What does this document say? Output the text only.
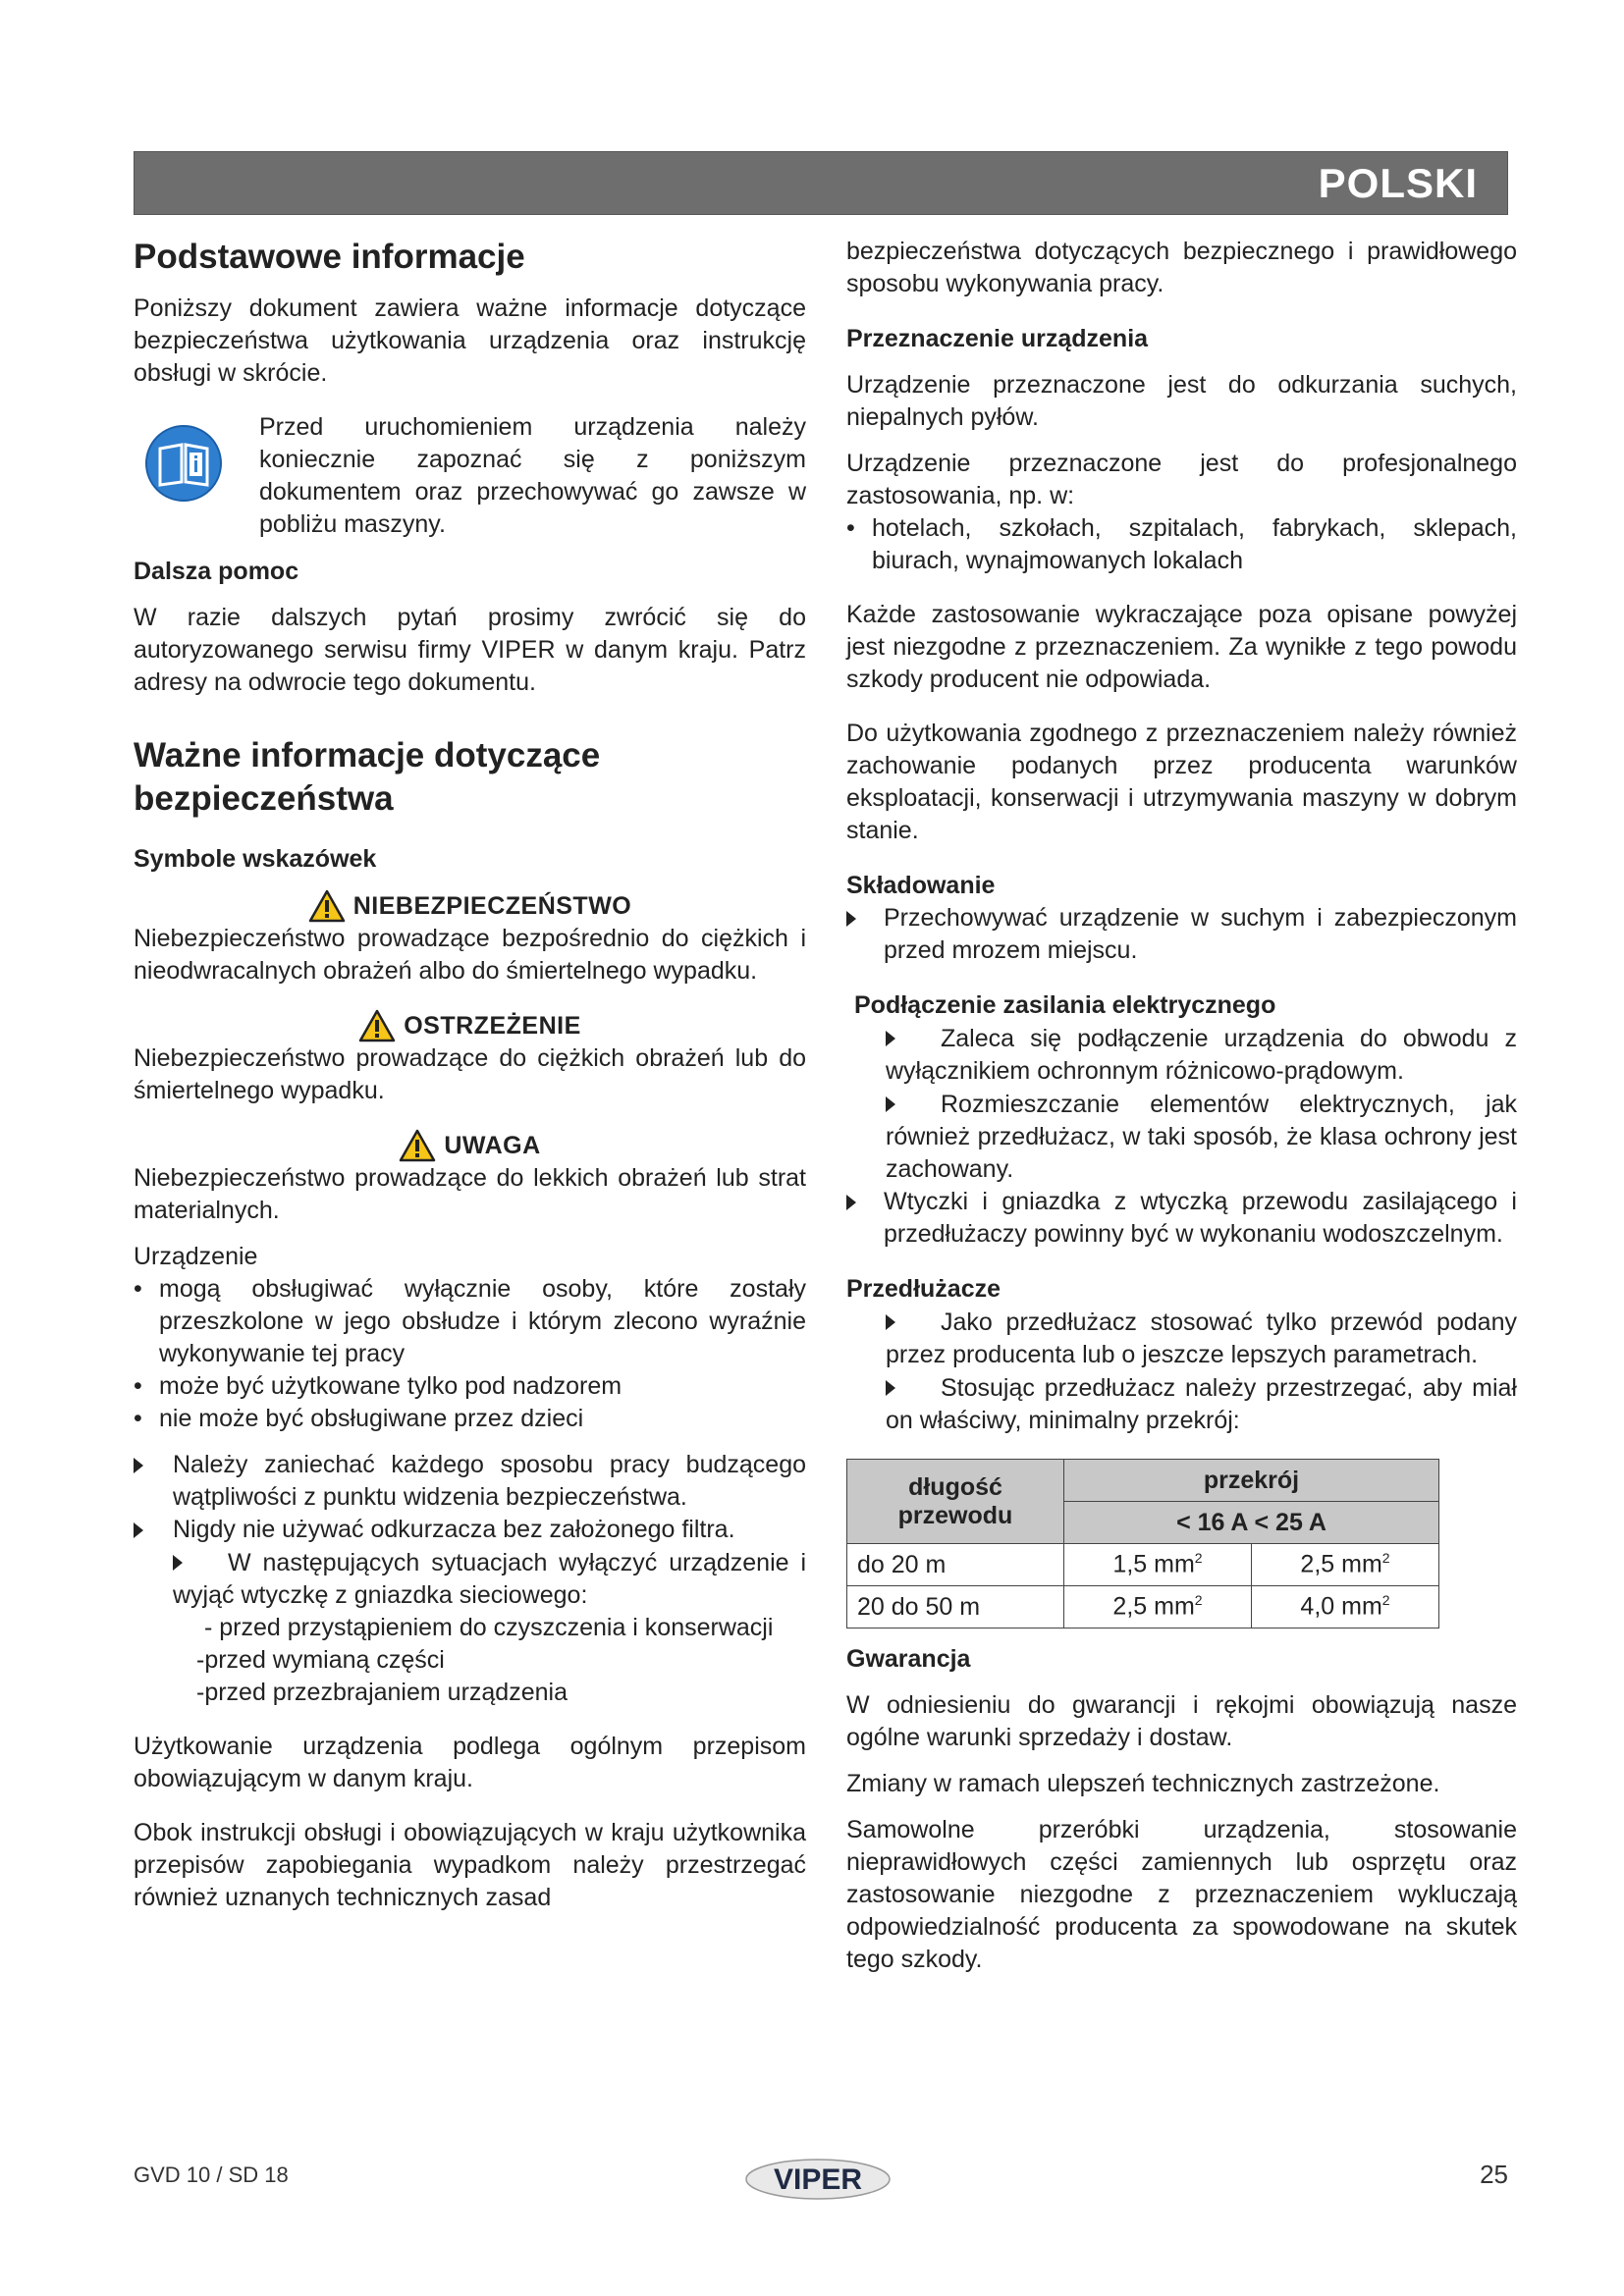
POLSKI
Podstawowe informacje

Poniższy dokument zawiera ważne informacje dotyczące bezpieczeństwa użytkowania urządzenia oraz instrukcję obsługi w skrócie.

Przed uruchomieniem urządzenia należy koniecznie zapoznać się z poniższym dokumentem oraz przechowywać go zawsze w pobliżu maszyny.

Dalsza pomoc

W razie dalszych pytań prosimy zwrócić się do autoryzowanego serwisu firmy VIPER w danym kraju. Patrz adresy na odwrocie tego dokumentu.

Ważne informacje dotyczące
bezpieczeństwa
Symbole wskazówek
NIEBEZPIECZEŃSTWO

Niebezpieczeństwo prowadzące bezpośrednio do ciężkich i nieodwracalnych obrażeń albo do śmiertelnego wypadku.

OSTRZEŻENIE

Niebezpieczeństwo prowadzące do ciężkich obrażeń lub do śmiertelnego wypadku.

UWAGA

Niebezpieczeństwo prowadzące do lekkich obrażeń lub strat materialnych.

Urządzenie

• mogą obsługiwać wyłącznie osoby, które zostały przeszkolone w jego obsłudze i którym zlecono wyraźnie wykonywanie tej pracy
• może być użytkowane tylko pod nadzorem
• nie może być obsługiwane przez dzieci
Należy zaniechać każdego sposobu pracy budzącego wątpliwości z punktu widzenia bezpieczeństwa.
Nigdy nie używać odkurzacza bez założonego filtra.

W następujących sytuacjach wyłączyć urządzenie i wyjąć wtyczkę z gniazdka sieciowego:

- przed przystąpieniem do czyszczenia i konserwacji

-przed wymianą części

-przed przezbrajaniem urządzenia

Użytkowanie urządzenia podlega ogólnym przepisom obowiązującym w danym kraju.

Obok instrukcji obsługi i obowiązujących w kraju użytkownika przepisów zapobiegania wypadkom należy przestrzegać również uznanych technicznych zasad

bezpieczeństwa dotyczących bezpiecznego i prawidłowego sposobu wykonywania pracy.

Przeznaczenie urządzenia

Urządzenie przeznaczone jest do odkurzania suchych, niepalnych pyłów.

Urządzenie przeznaczone jest do profesjonalnego zastosowania, np. w:

• hotelach, szkołach, szpitalach, fabrykach, sklepach, biurach, wynajmowanych lokalach

Każde zastosowanie wykraczające poza opisane powyżej jest niezgodne z przeznaczeniem. Za wynikłe z tego powodu szkody producent nie odpowiada.

Do użytkowania zgodnego z przeznaczeniem należy również zachowanie podanych przez producenta warunków eksploatacji, konserwacji i utrzymywania maszyny w dobrym stanie.

Składowanie
Przechowywać urządzenie w suchym i zabezpieczonym przed mrozem miejscu.
Podłączenie zasilania elektrycznego

Zaleca się podłączenie urządzenia do obwodu z wyłącznikiem ochronnym różnicowo-prądowym.

Rozmieszczanie elementów elektrycznych, jak również przedłużacz, w taki sposób, że klasa ochrony jest zachowany.

Wtyczki i gniazdka z wtyczką przewodu zasilającego i przedłużaczy powinny być w wykonaniu wodoszczelnym.
Przedłużacze

Jako przedłużacz stosować tylko przewód podany przez producenta lub o jeszcze lepszych parametrach.

Stosując przedłużacz należy przestrzegać, aby miał on właściwy, minimalny przekrój:

długość
przewodu	przekrój	
	< 16 A < 25 A	
do 20 m	1,5 $mm^2$	2,5 $mm^2$
20 do 50 m	2,5 $mm^2$	4,0 $mm^2$
Gwarancja

W odniesieniu do gwarancji i rękojmi obowiązują nasze ogólne warunki sprzedaży i dostaw.

Zmiany w ramach ulepszeń technicznych zastrzeżone.

Samowolne przeróbki urządzenia, stosowanie nieprawidłowych części zamiennych lub osprzętu oraz zastosowanie niezgodne z przeznaczeniem wykluczają odpowiedzialność producenta za spowodowane na skutek tego szkody.

GVD 10 / SD 18	VIPER	25
